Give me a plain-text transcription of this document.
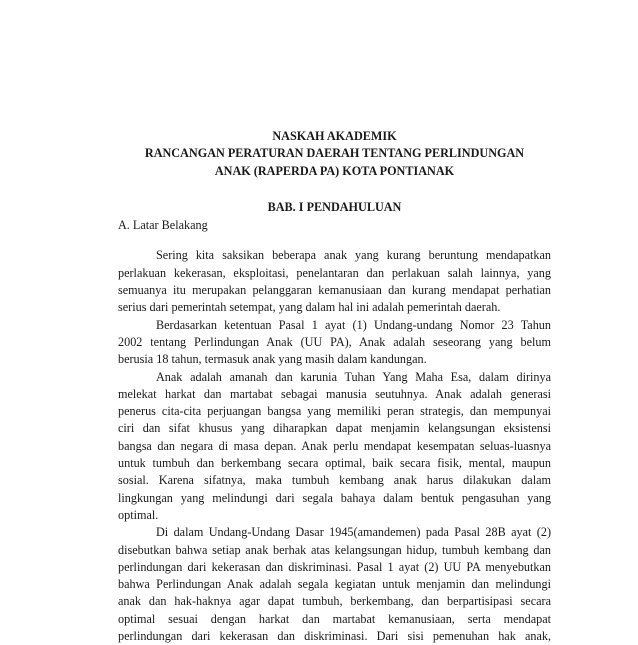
NASKAH AKADEMIK
RANCANGAN PERATURAN DAERAH TENTANG PERLINDUNGAN
ANAK (RAPERDA PA) KOTA PONTIANAK
BAB. I PENDAHULUAN
A. Latar Belakang
Sering kita saksikan beberapa anak yang kurang beruntung mendapatkan
perlakuan kekerasan, eksploitasi, penelantaran dan perlakuan salah lainnya, yang
semuanya itu merupakan pelanggaran kemanusiaan dan kurang mendapat perhatian
serius dari pemerintah setempat, yang dalam hal ini adalah pemerintah daerah.
Berdasarkan ketentuan Pasal 1 ayat (1) Undang-undang Nomor 23 Tahun
2002 tentang Perlindungan Anak (UU PA), Anak adalah seseorang yang belum
berusia 18 tahun, termasuk anak yang masih dalam kandungan.
Anak adalah amanah dan karunia Tuhan Yang Maha Esa, dalam dirinya
melekat harkat dan martabat sebagai manusia seutuhnya. Anak adalah generasi
penerus cita-cita perjuangan bangsa yang memiliki peran strategis, dan mempunyai
ciri dan sifat khusus yang diharapkan dapat menjamin kelangsungan eksistensi
bangsa dan negara di masa depan. Anak perlu mendapat kesempatan seluas-luasnya
untuk tumbuh dan berkembang secara optimal, baik secara fisik, mental, maupun
sosial. Karena sifatnya, maka tumbuh kembang anak harus dilakukan dalam
lingkungan yang melindungi dari segala bahaya dalam bentuk pengasuhan yang
optimal.
Di dalam Undang-Undang Dasar 1945(amandemen) pada Pasal 28B ayat (2)
disebutkan bahwa setiap anak berhak atas kelangsungan hidup, tumbuh kembang dan
perlindungan dari kekerasan dan diskriminasi. Pasal 1 ayat (2) UU PA menyebutkan
bahwa Perlindungan Anak adalah segala kegiatan untuk menjamin dan melindungi
anak dan hak-haknya agar dapat tumbuh, berkembang, dan berpartisipasi secara
optimal sesuai dengan harkat dan martabat kemanusiaan, serta mendapat
perlindungan dari kekerasan dan diskriminasi. Dari sisi pemenuhan hak anak,
